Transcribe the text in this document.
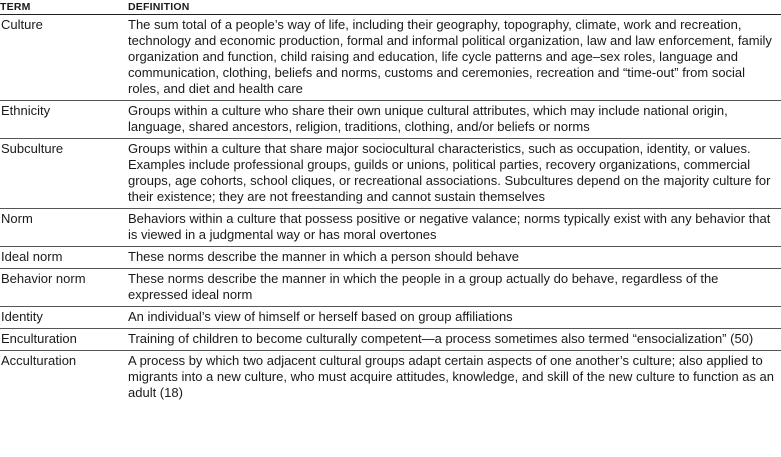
TERM	DEFINITION
Culture	The sum total of a people’s way of life, including their geography, topography, climate, work and recreation, technology and economic production, formal and informal political organization, law and law enforcement, family organization and function, child raising and education, life cycle patterns and age–sex roles, language and communication, clothing, beliefs and norms, customs and ceremonies, recreation and “time-out” from social roles, and diet and health care
Ethnicity	Groups within a culture who share their own unique cultural attributes, which may include national origin, language, shared ancestors, religion, traditions, clothing, and/or beliefs or norms
Subculture	Groups within a culture that share major sociocultural characteristics, such as occupation, identity, or values. Examples include professional groups, guilds or unions, political parties, recovery organizations, commercial groups, age cohorts, school cliques, or recreational associations. Subcultures depend on the majority culture for their existence; they are not freestanding and cannot sustain themselves
Norm	Behaviors within a culture that possess positive or negative valance; norms typically exist with any behavior that is viewed in a judgmental way or has moral overtones
Ideal norm	These norms describe the manner in which a person should behave
Behavior norm	These norms describe the manner in which the people in a group actually do behave, regardless of the expressed ideal norm
Identity	An individual’s view of himself or herself based on group affiliations
Enculturation	Training of children to become culturally competent—a process sometimes also termed “ensocialization” (50)
Acculturation	A process by which two adjacent cultural groups adapt certain aspects of one another’s culture; also applied to migrants into a new culture, who must acquire attitudes, knowledge, and skill of the new culture to function as an adult (18)
